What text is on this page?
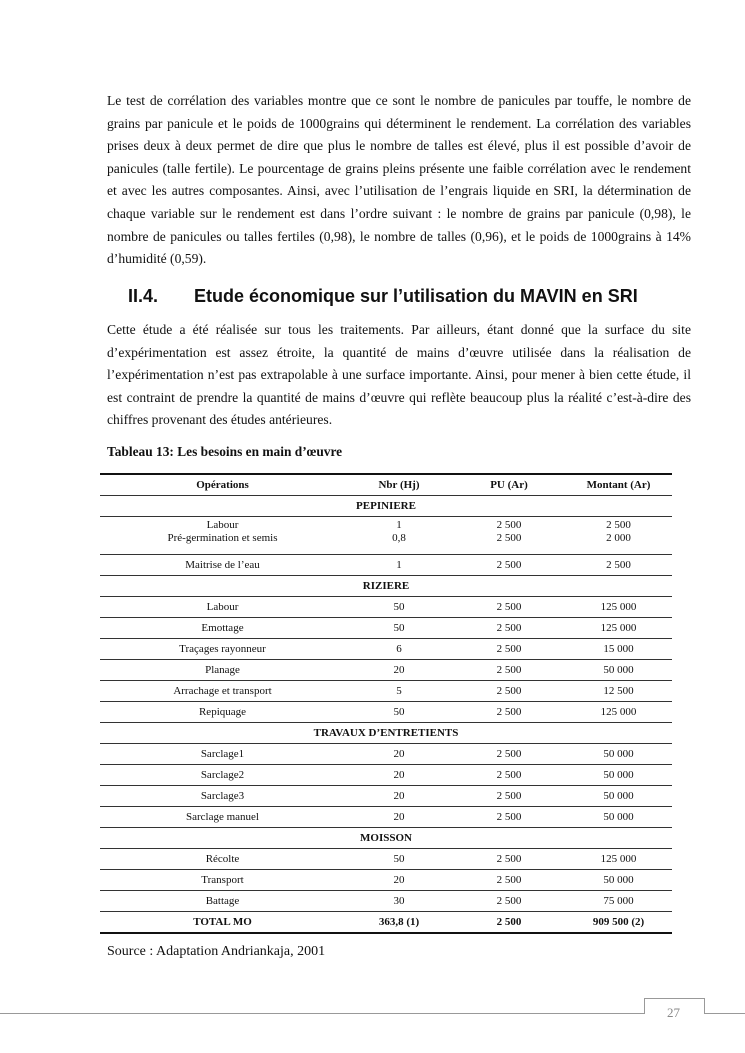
Le test de corrélation des variables montre que ce sont le nombre de panicules par touffe, le nombre de grains par panicule et le poids de 1000grains qui déterminent le rendement. La corrélation des variables prises deux à deux permet de dire que plus le nombre de talles est élevé, plus il est possible d’avoir de panicules (talle fertile). Le pourcentage de grains pleins présente une faible corrélation avec le rendement et avec les autres composantes. Ainsi, avec l’utilisation de l’engrais liquide en SRI, la détermination de chaque variable sur le rendement est dans l’ordre suivant : le nombre de grains par panicule (0,98), le nombre de panicules ou talles fertiles (0,98), le nombre de talles (0,96), et le poids de 1000grains à 14% d’humidité (0,59).
II.4. Etude économique sur l’utilisation du MAVIN en SRI
Cette étude a été réalisée sur tous les traitements. Par ailleurs, étant donné que la surface du site d’expérimentation est assez étroite, la quantité de mains d’œuvre utilisée dans la réalisation de l’expérimentation n’est pas extrapolable à une surface importante. Ainsi, pour mener à bien cette étude, il est contraint de prendre la quantité de mains d’œuvre qui reflète beaucoup plus la réalité c’est-à-dire des chiffres provenant des études antérieures.
Tableau 13: Les besoins en main d’œuvre
Opérations	Nbr (Hj)	PU (Ar)	Montant (Ar)
PEPINIERE			
Labour	1	2 500	2 500
Pré-germination et semis	0,8	2 500	2 000
Maitrise de l’eau	1	2 500	2 500
RIZIERE			
Labour	50	2 500	125 000
Emottage	50	2 500	125 000
Traçages rayonneur	6	2 500	15 000
Planage	20	2 500	50 000
Arrachage et transport	5	2 500	12 500
Repiquage	50	2 500	125 000
TRAVAUX D’ENTRETIENTS			
Sarclage1	20	2 500	50 000
Sarclage2	20	2 500	50 000
Sarclage3	20	2 500	50 000
Sarclage manuel	20	2 500	50 000
MOISSON			
Récolte	50	2 500	125 000
Transport	20	2 500	50 000
Battage	30	2 500	75 000
TOTAL MO	363,8 (1)	2 500	909 500 (2)
Source : Adaptation Andriankaja, 2001
27
